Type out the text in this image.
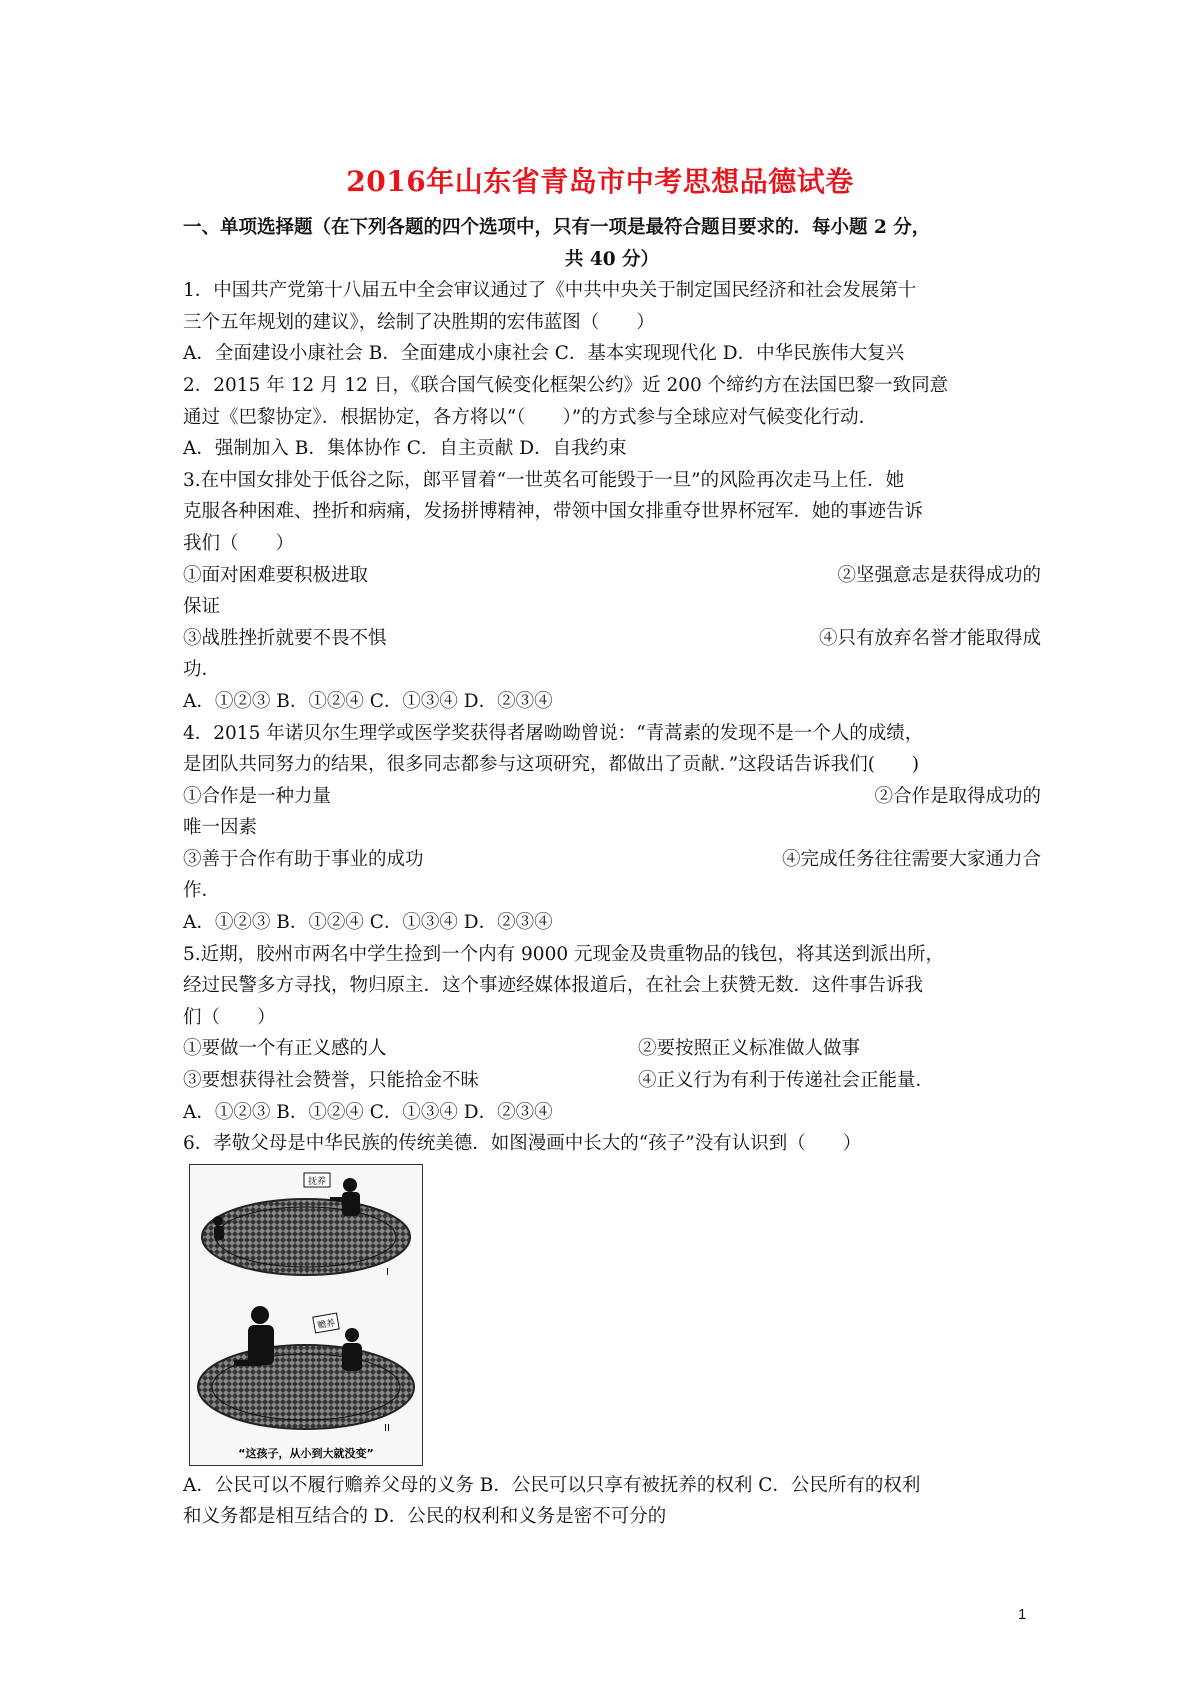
2016年山东省青岛市中考思想品德试卷
一、单项选择题（在下列各题的四个选项中，只有一项是最符合题目要求的．每小题 2 分，
共 40 分）
1．中国共产党第十八届五中全会审议通过了《中共中央关于制定国民经济和社会发展第十
三个五年规划的建议》，绘制了决胜期的宏伟蓝图（　　）
A．全面建设小康社会 B．全面建成小康社会 C．基本实现现代化 D．中华民族伟大复兴
2．2015 年 12 月 12 日，《联合国气候变化框架公约》近 200 个缔约方在法国巴黎一致同意
通过《巴黎协定》．根据协定，各方将以“（　　）”的方式参与全球应对气候变化行动．
A．强制加入 B．集体协作 C．自主贡献 D．自我约束
3.在中国女排处于低谷之际，郎平冒着“一世英名可能毁于一旦”的风险再次走马上任．她
克服各种困难、挫折和病痛，发扬拼博精神，带领中国女排重夺世界杯冠军．她的事迹告诉
我们（　　）
①面对困难要积极进取	②坚强意志是获得成功的
保证
③战胜挫折就要不畏不惧	④只有放弃名誉才能取得成
功．
A．①②③ B．①②④ C．①③④ D．②③④
4．2015 年诺贝尔生理学或医学奖获得者屠呦呦曾说：“青蒿素的发现不是一个人的成绩，
是团队共同努力的结果，很多同志都参与这项研究，都做出了贡献．”这段话告诉我们(　　)
①合作是一种力量	②合作是取得成功的
唯一因素
③善于合作有助于事业的成功	④完成任务往往需要大家通力合
作．
A．①②③ B．①②④ C．①③④ D．②③④
5.近期，胶州市两名中学生捡到一个内有 9000 元现金及贵重物品的钱包，将其送到派出所，
经过民警多方寻找，物归原主．这个事迹经媒体报道后，在社会上获赞无数．这件事告诉我
们（　　）
①要做一个有正义感的人	②要按照正义标准做人做事
③要想获得社会赞誉，只能拾金不昧	④正义行为有利于传递社会正能量．
A．①②③ B．①②④ C．①③④ D．②③④
6．孝敬父母是中华民族的传统美德．如图漫画中长大的“孩子”没有认识到（　　）
抚养
I
赡养
II
“这孩子，从小到大就没变”
A．公民可以不履行赡养父母的义务 B．公民可以只享有被抚养的权利 C．公民所有的权利
和义务都是相互结合的 D．公民的权利和义务是密不可分的
1
